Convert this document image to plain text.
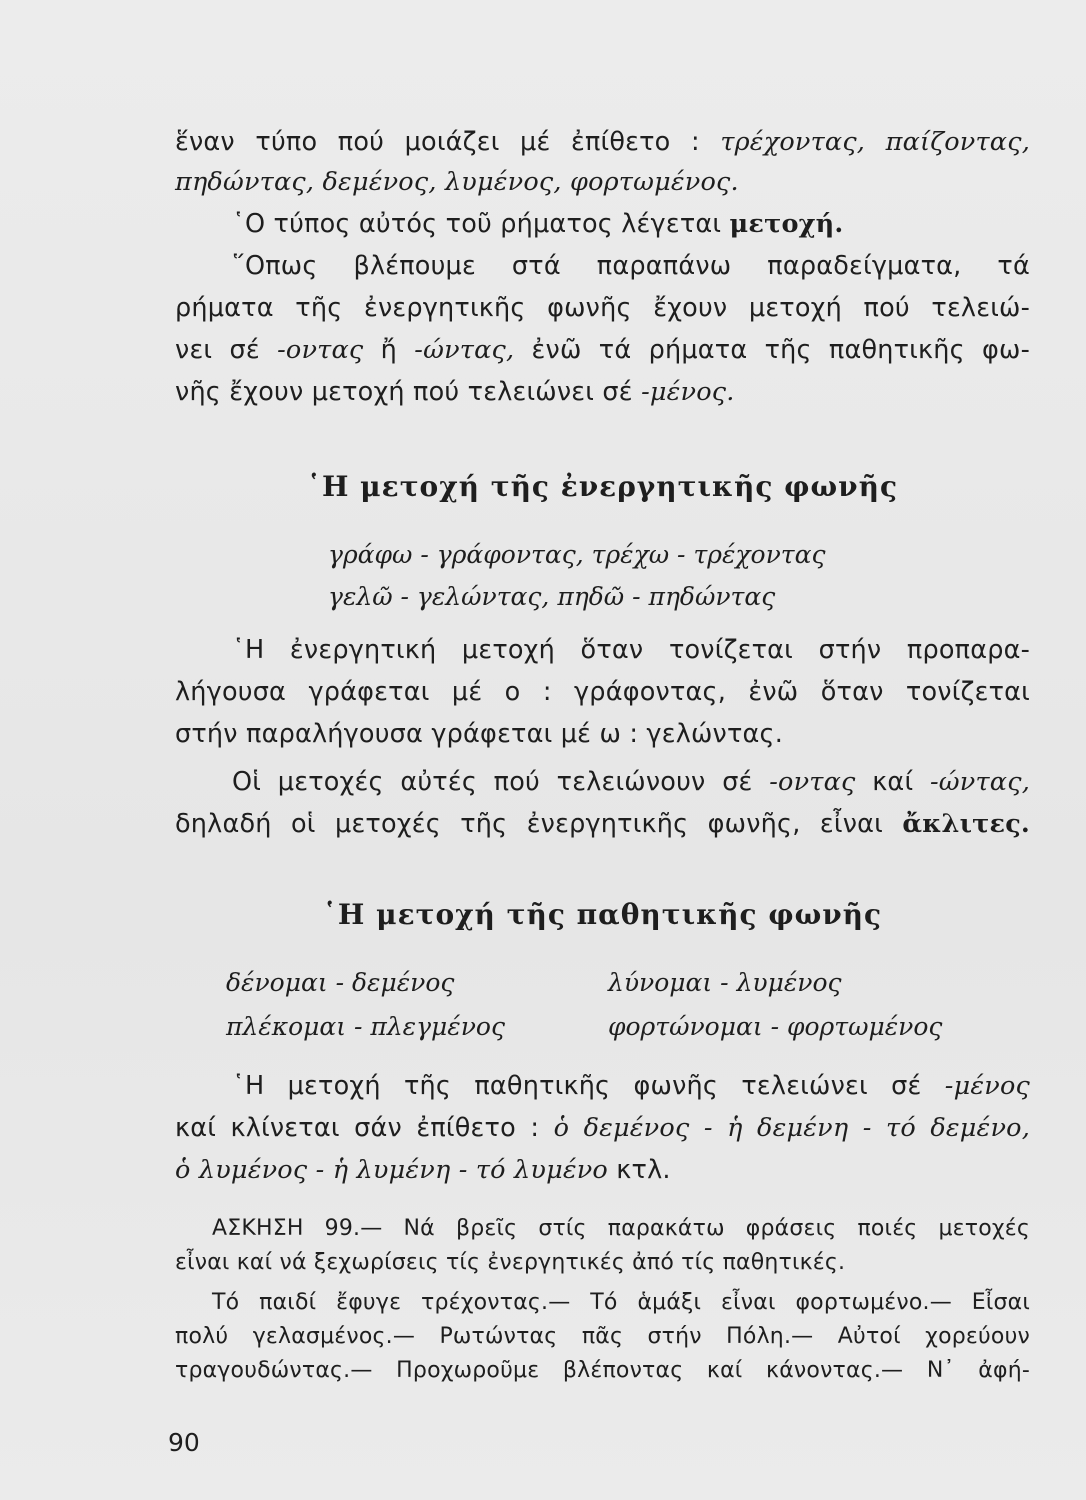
ἕναν τύπο πού μοιάζει μέ ἐπίθετο : τρέχοντας, παίζοντας,
πηδώντας, δεμένος, λυμένος, φορτωμένος.
῾Ο τύπος αὐτός τοῦ ρήματος λέγεται μετοχή.
῞Οπως βλέπουμε στά παραπάνω παραδείγματα, τά
ρήματα τῆς ἐνεργητικῆς φωνῆς ἔχουν μετοχή πού τελειώ-
νει σέ -οντας ἤ -ώντας, ἐνῶ τά ρήματα τῆς παθητικῆς φω-
νῆς ἔχουν μετοχή πού τελειώνει σέ -μένος.
῾Η μετοχή τῆς ἐνεργητικῆς φωνῆς
γράφω - γράφοντας, τρέχω - τρέχοντας
γελῶ - γελώντας, πηδῶ - πηδώντας
῾Η ἐνεργητική μετοχή ὅταν τονίζεται στήν προπαρα-
λήγουσα γράφεται μέ ο : γράφοντας, ἐνῶ ὅταν τονίζεται
στήν παραλήγουσα γράφεται μέ ω : γελώντας.
Οἱ μετοχές αὐτές πού τελειώνουν σέ -οντας καί -ώντας,
δηλαδή οἱ μετοχές τῆς ἐνεργητικῆς φωνῆς, εἶναι ἄκλιτες.
῾Η μετοχή τῆς παθητικῆς φωνῆς
δένομαι - δεμένος	λύνομαι - λυμένος
πλέκομαι - πλεγμένος	φορτώνομαι - φορτωμένος
῾Η μετοχή τῆς παθητικῆς φωνῆς τελειώνει σέ -μένος
καί κλίνεται σάν ἐπίθετο : ὁ δεμένος - ἡ δεμένη - τό δεμένο,
ὁ λυμένος - ἡ λυμένη - τό λυμένο κτλ.
ΑΣΚΗΣΗ 99.— Νά βρεῖς στίς παρακάτω φράσεις ποιές μετοχές
εἶναι καί νά ξεχωρίσεις τίς ἐνεργητικές ἀπό τίς παθητικές.
Τό παιδί ἔφυγε τρέχοντας.— Τό ἁμάξι εἶναι φορτωμένο.— Εἶσαι
πολύ γελασμένος.— Ρωτώντας πᾶς στήν Πόλη.— Αὐτοί χορεύουν
τραγουδώντας.— Προχωροῦμε βλέποντας καί κάνοντας.— Ν᾿ ἀφή-
90
